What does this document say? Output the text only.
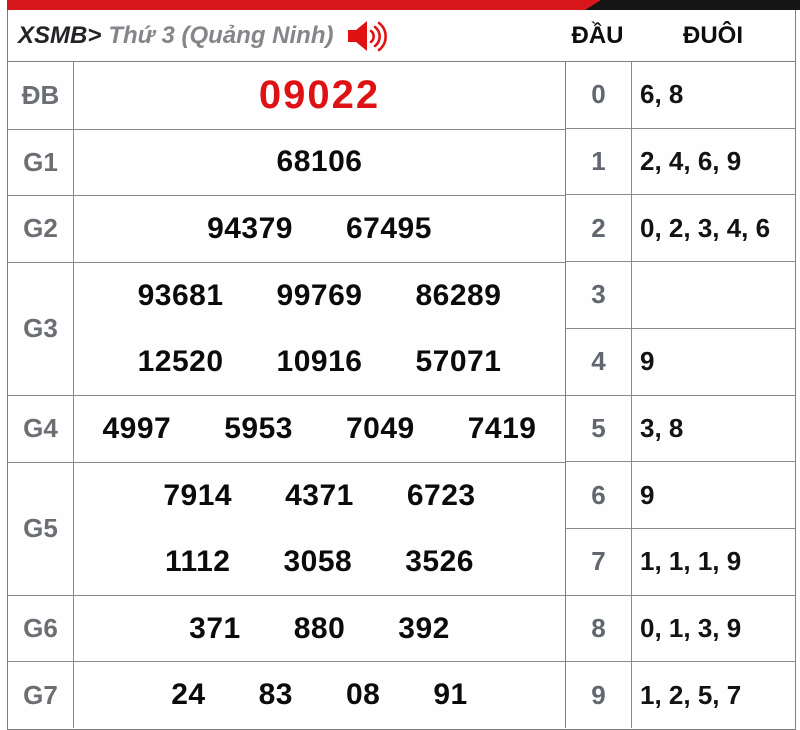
XSMB> Thứ 3 (Quảng Ninh)	ĐẦU	ĐUÔI
ĐB	09022
G1	68106
G2	94379 67495
G3
93681 99769 86289
12520 10916 57071
G4	4997 5953 7049 7419
G5
7914 4371 6723
1112 3058 3526
G6	371 880 392
G7	24 83 08 91
0	6, 8
1	2, 4, 6, 9
2	0, 2, 3, 4, 6
3
4	9
5	3, 8
6	9
7	1, 1, 1, 9
8	0, 1, 3, 9
9	1, 2, 5, 7
